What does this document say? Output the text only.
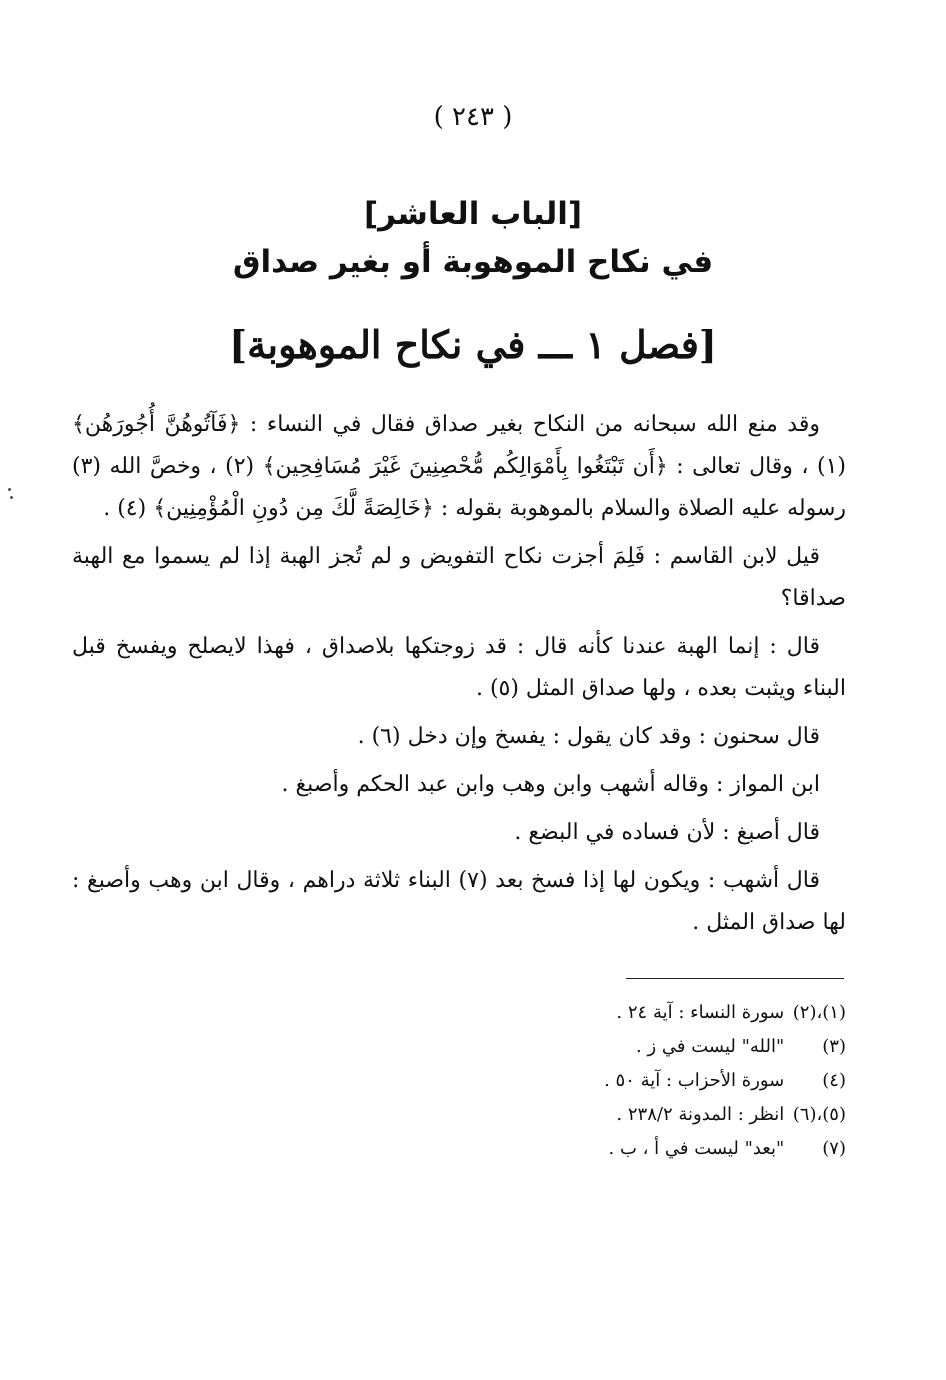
( ٢٤٣ )
[الباب العاشر]
في نكاح الموهوبة أو بغير صداق
[فصل ١ ـــ في نكاح الموهوبة]

وقد منع الله سبحانه من النكاح بغير صداق فقال في النساء : ﴿فَآتُوهُنَّ أُجُورَهُن﴾ (١) ، وقال تعالى : ﴿أَن تَبْتَغُوا بِأَمْوَالِكُم مُّحْصِنِينَ غَيْرَ مُسَافِحِين﴾ (٢) ، وخصَّ الله (٣) رسوله عليه الصلاة والسلام بالموهوبة بقوله : ﴿خَالِصَةً لَّكَ مِن دُونِ الْمُؤْمِنِين﴾ (٤) .

قيل لابن القاسم : فَلِمَ أجزت نكاح التفويض و لم تُجز الهبة إذا لم يسموا مع الهبة صداقا؟

قال : إنما الهبة عندنا كأنه قال : قد زوجتكها بلاصداق ، فهذا لايصلح ويفسخ قبل البناء ويثبت بعده ، ولها صداق المثل (٥) .

قال سحنون : وقد كان يقول : يفسخ وإن دخل (٦) .

ابن المواز : وقاله أشهب وابن وهب وابن عبد الحكم وأصبغ .

قال أصبغ : لأن فساده في البضع .

قال أشهب : ويكون لها إذا فسخ بعد (٧) البناء ثلاثة دراهم ، وقال ابن وهب وأصبغ : لها صداق المثل .

(١)،(٢) سورة النساء : آية ٢٤ .
(٣) "الله" ليست في ز .
(٤) سورة الأحزاب : آية ٥٠ .
(٥)،(٦) انظر : المدونة ٢٣٨/٢ .
(٧) "بعد" ليست في أ ، ب .
